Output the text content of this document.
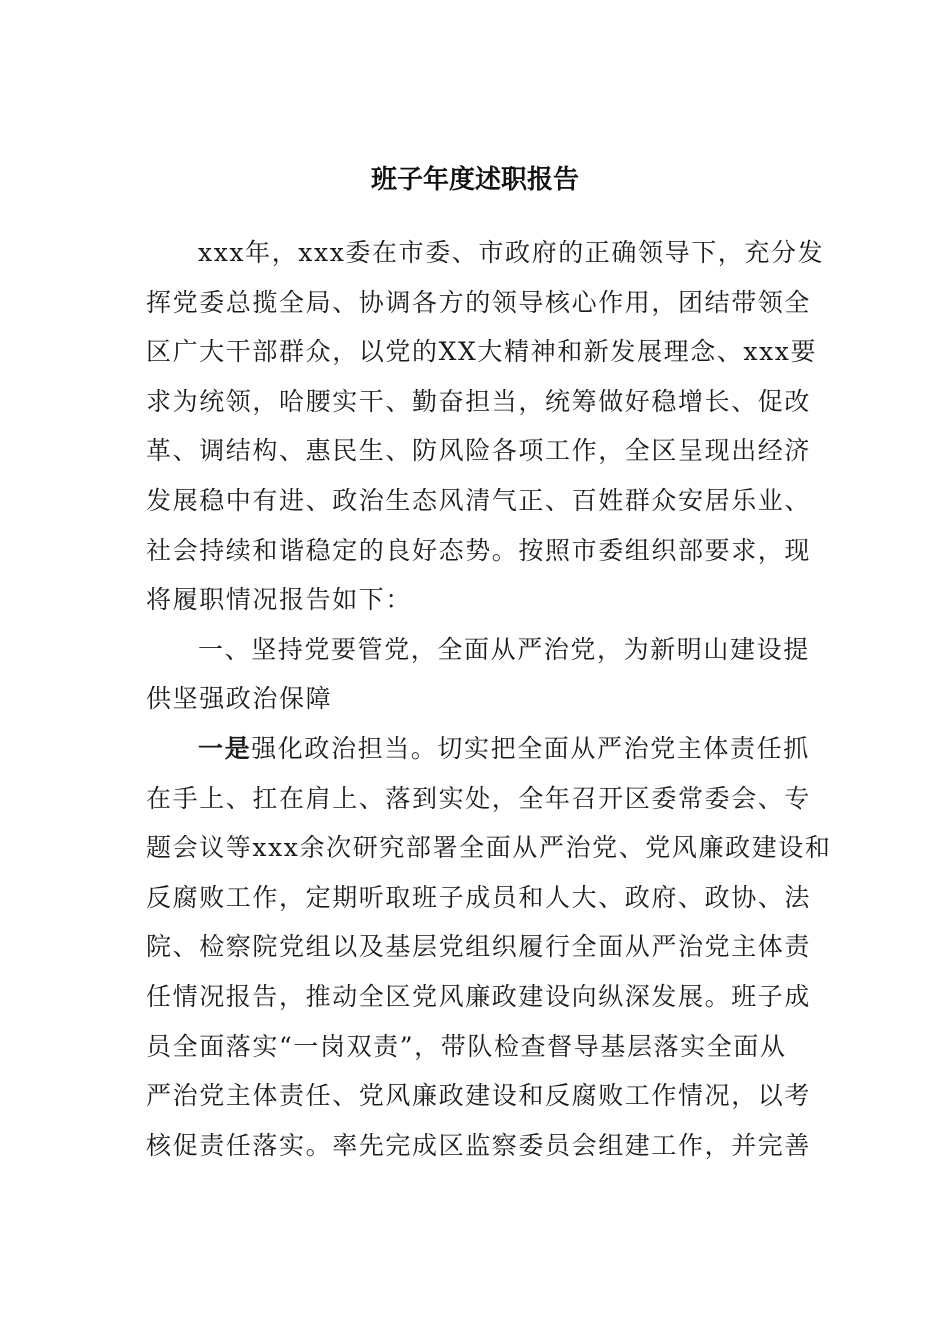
班子年度述职报告
xxx年，xxx委在市委、市政府的正确领导下，充分发
挥党委总揽全局、协调各方的领导核心作用，团结带领全
区广大干部群众，以党的XX大精神和新发展理念、xxx要
求为统领，哈腰实干、勤奋担当，统筹做好稳增长、促改
革、调结构、惠民生、防风险各项工作，全区呈现出经济
发展稳中有进、政治生态风清气正、百姓群众安居乐业、
社会持续和谐稳定的良好态势。按照市委组织部要求，现
将履职情况报告如下：
一、坚持党要管党，全面从严治党，为新明山建设提
供坚强政治保障
一是强化政治担当。切实把全面从严治党主体责任抓
在手上、扛在肩上、落到实处，全年召开区委常委会、专
题会议等xxx余次研究部署全面从严治党、党风廉政建设和
反腐败工作，定期听取班子成员和人大、政府、政协、法
院、检察院党组以及基层党组织履行全面从严治党主体责
任情况报告，推动全区党风廉政建设向纵深发展。班子成
员全面落实“一岗双责”，带队检查督导基层落实全面从
严治党主体责任、党风廉政建设和反腐败工作情况，以考
核促责任落实。率先完成区监察委员会组建工作，并完善
